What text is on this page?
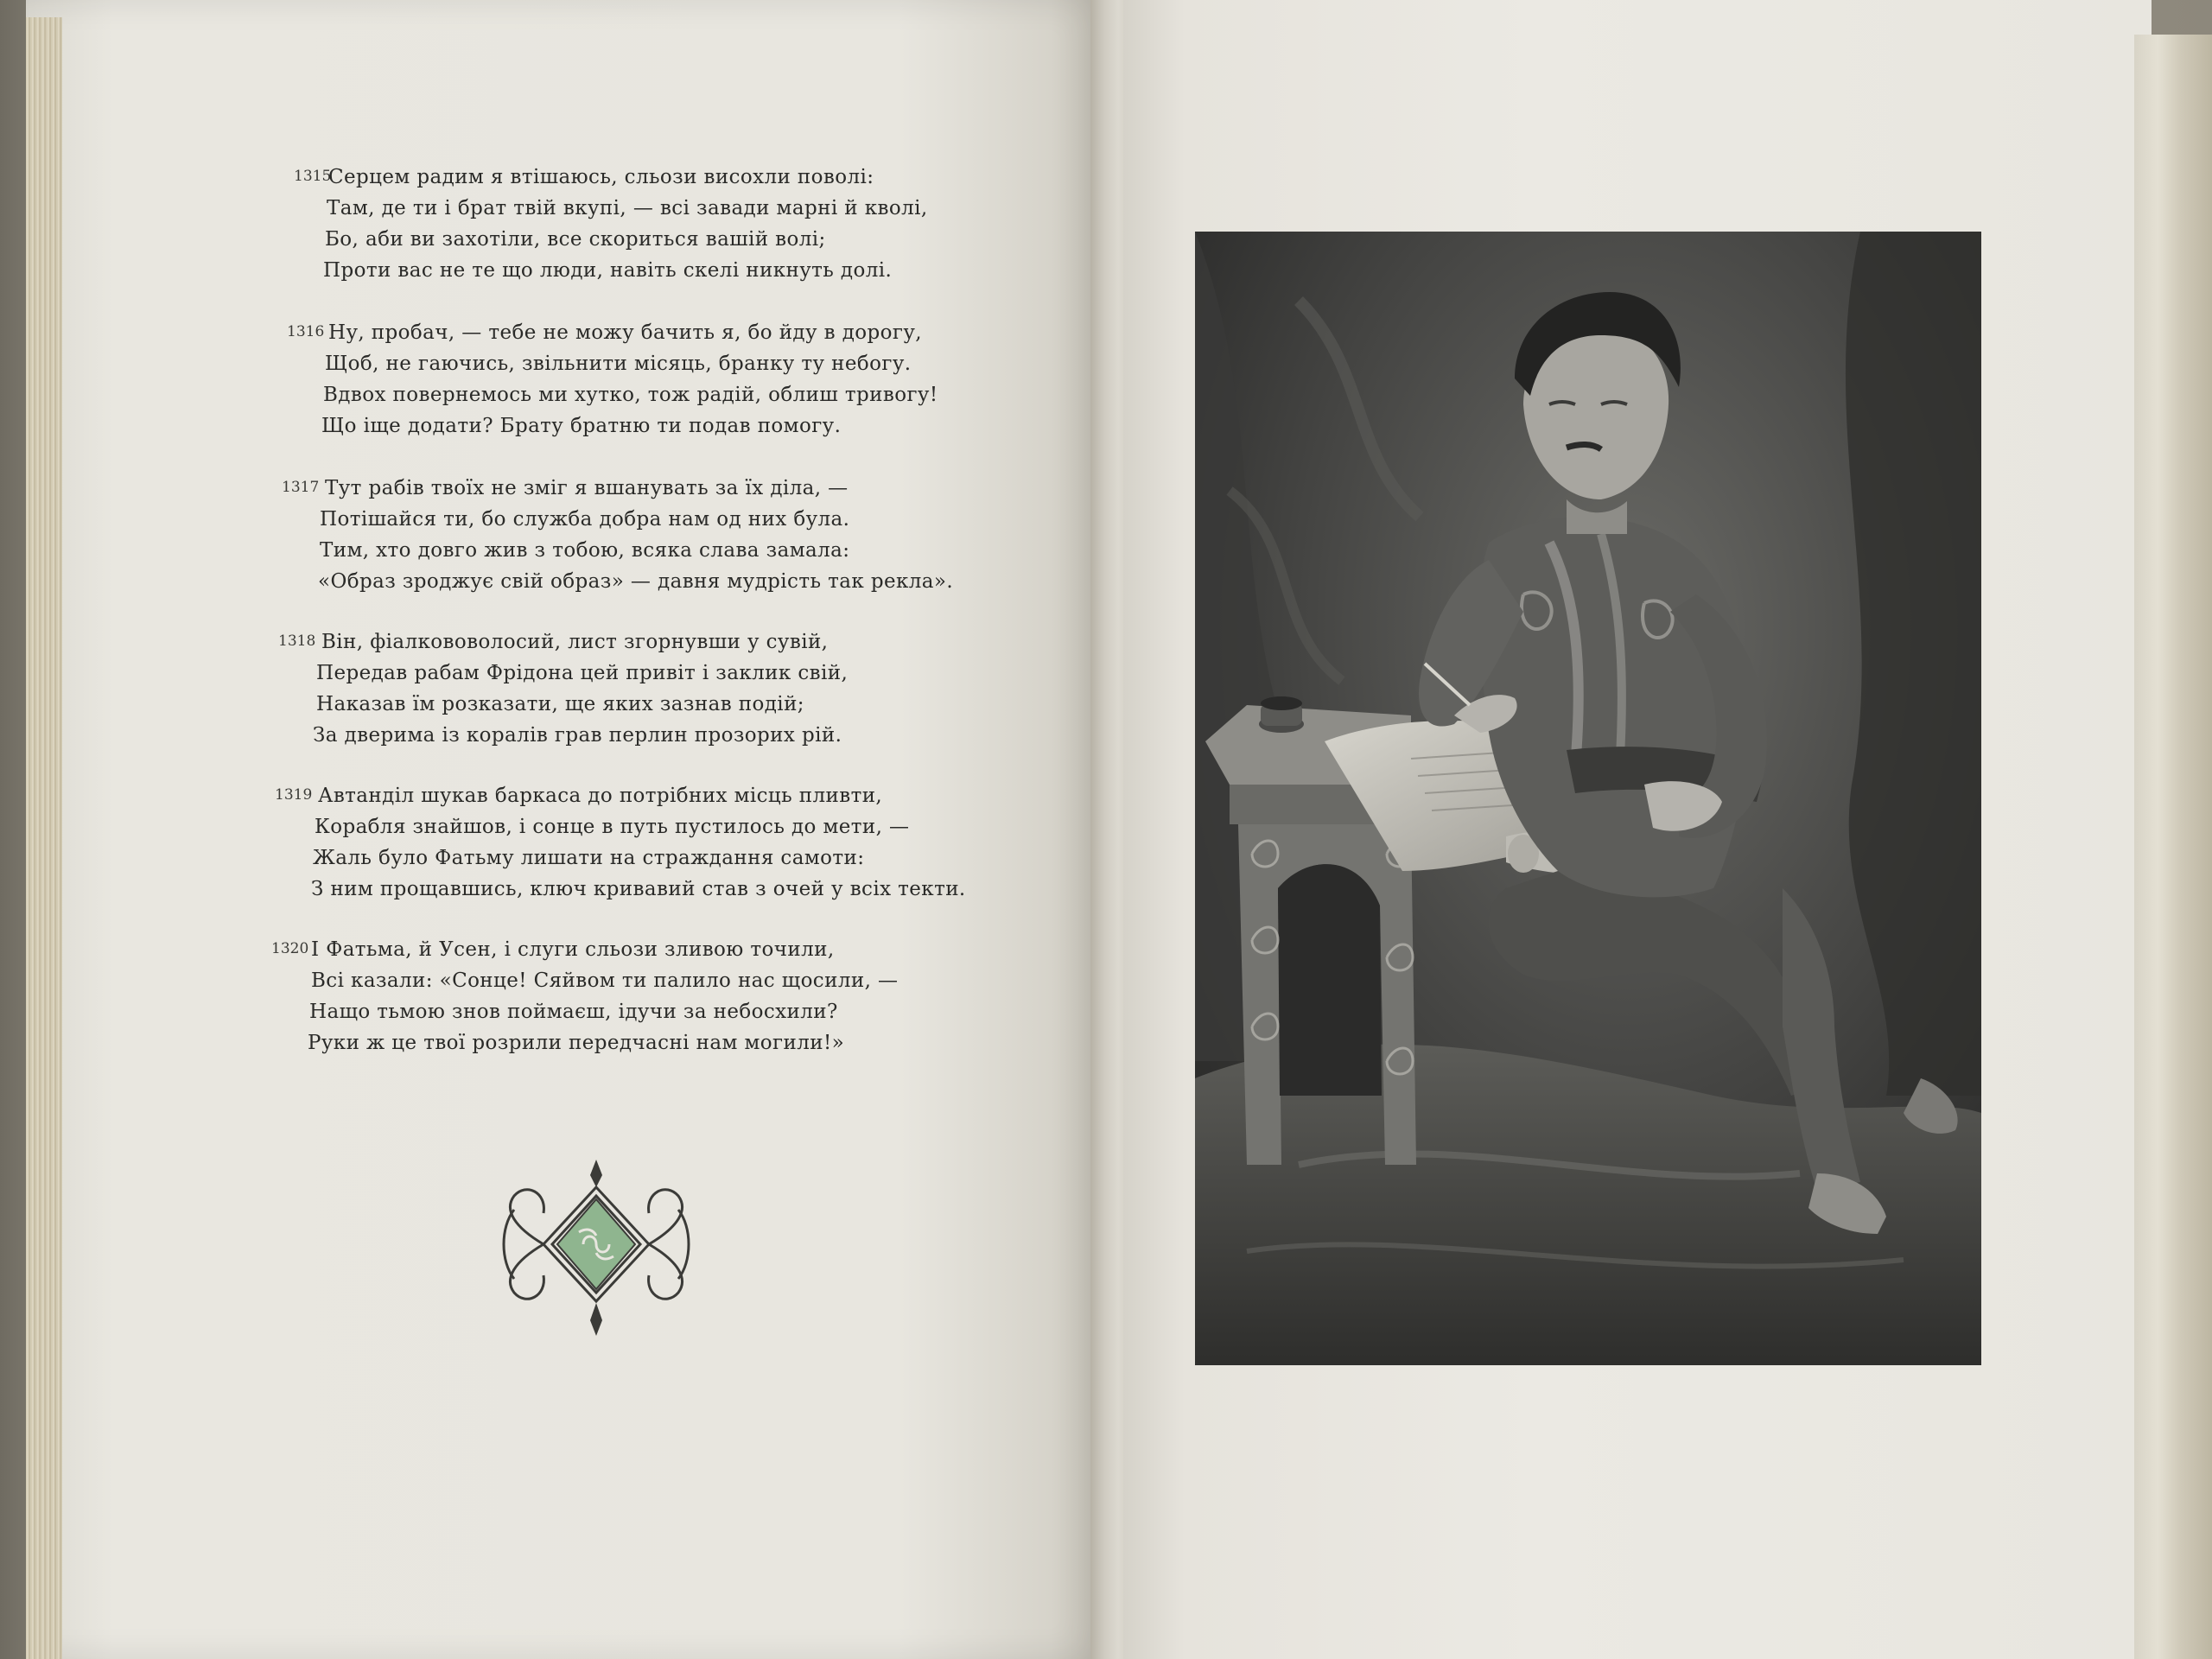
1315
Серцем радим я втішаюсь, сльози висохли поволі:
Там, де ти і брат твій вкупі, — всі завади марні й кволі,
Бо, аби ви захотіли, все скориться вашій волі;
Проти вас не те що люди, навіть скелі никнуть долі.
1316 Ну, пробач, — тебе не можу бачить я, бо йду в дорогу,
Щоб, не гаючись, звільнити місяць, бранку ту небогу.
Вдвох повернемось ми хутко, тож радій, облиш тривогу!
Що іще додати? Брату братню ти подав помогу.
1317 Тут рабів твоїх не зміг я вшанувать за їх діла, —
Потішайся ти, бо служба добра нам од них була.
Тим, хто довго жив з тобою, всяка слава замала:
«Образ зроджує свій образ» — давня мудрість так рекла».
1318 Він, фіалкововолосий, лист згорнувши у сувій,
Передав рабам Фрідона цей привіт і заклик свій,
Наказав їм розказати, ще яких зазнав подій;
За дверима із коралів грав перлин прозорих рій.
1319 Автанділ шукав баркаса до потрібних місць пливти,
Корабля знайшов, і сонце в путь пустилось до мети, —
Жаль було Фатьму лишати на страждання самоти:
З ним прощавшись, ключ кривавий став з очей у всіх текти.
1320 І Фатьма, й Усен, і слуги сльози зливою точили,
Всі казали: «Сонце! Сяйвом ти палило нас щосили, —
Нащо тьмою знов поймаєш, ідучи за небосхили?
Руки ж це твої розрили передчасні нам могили!»
